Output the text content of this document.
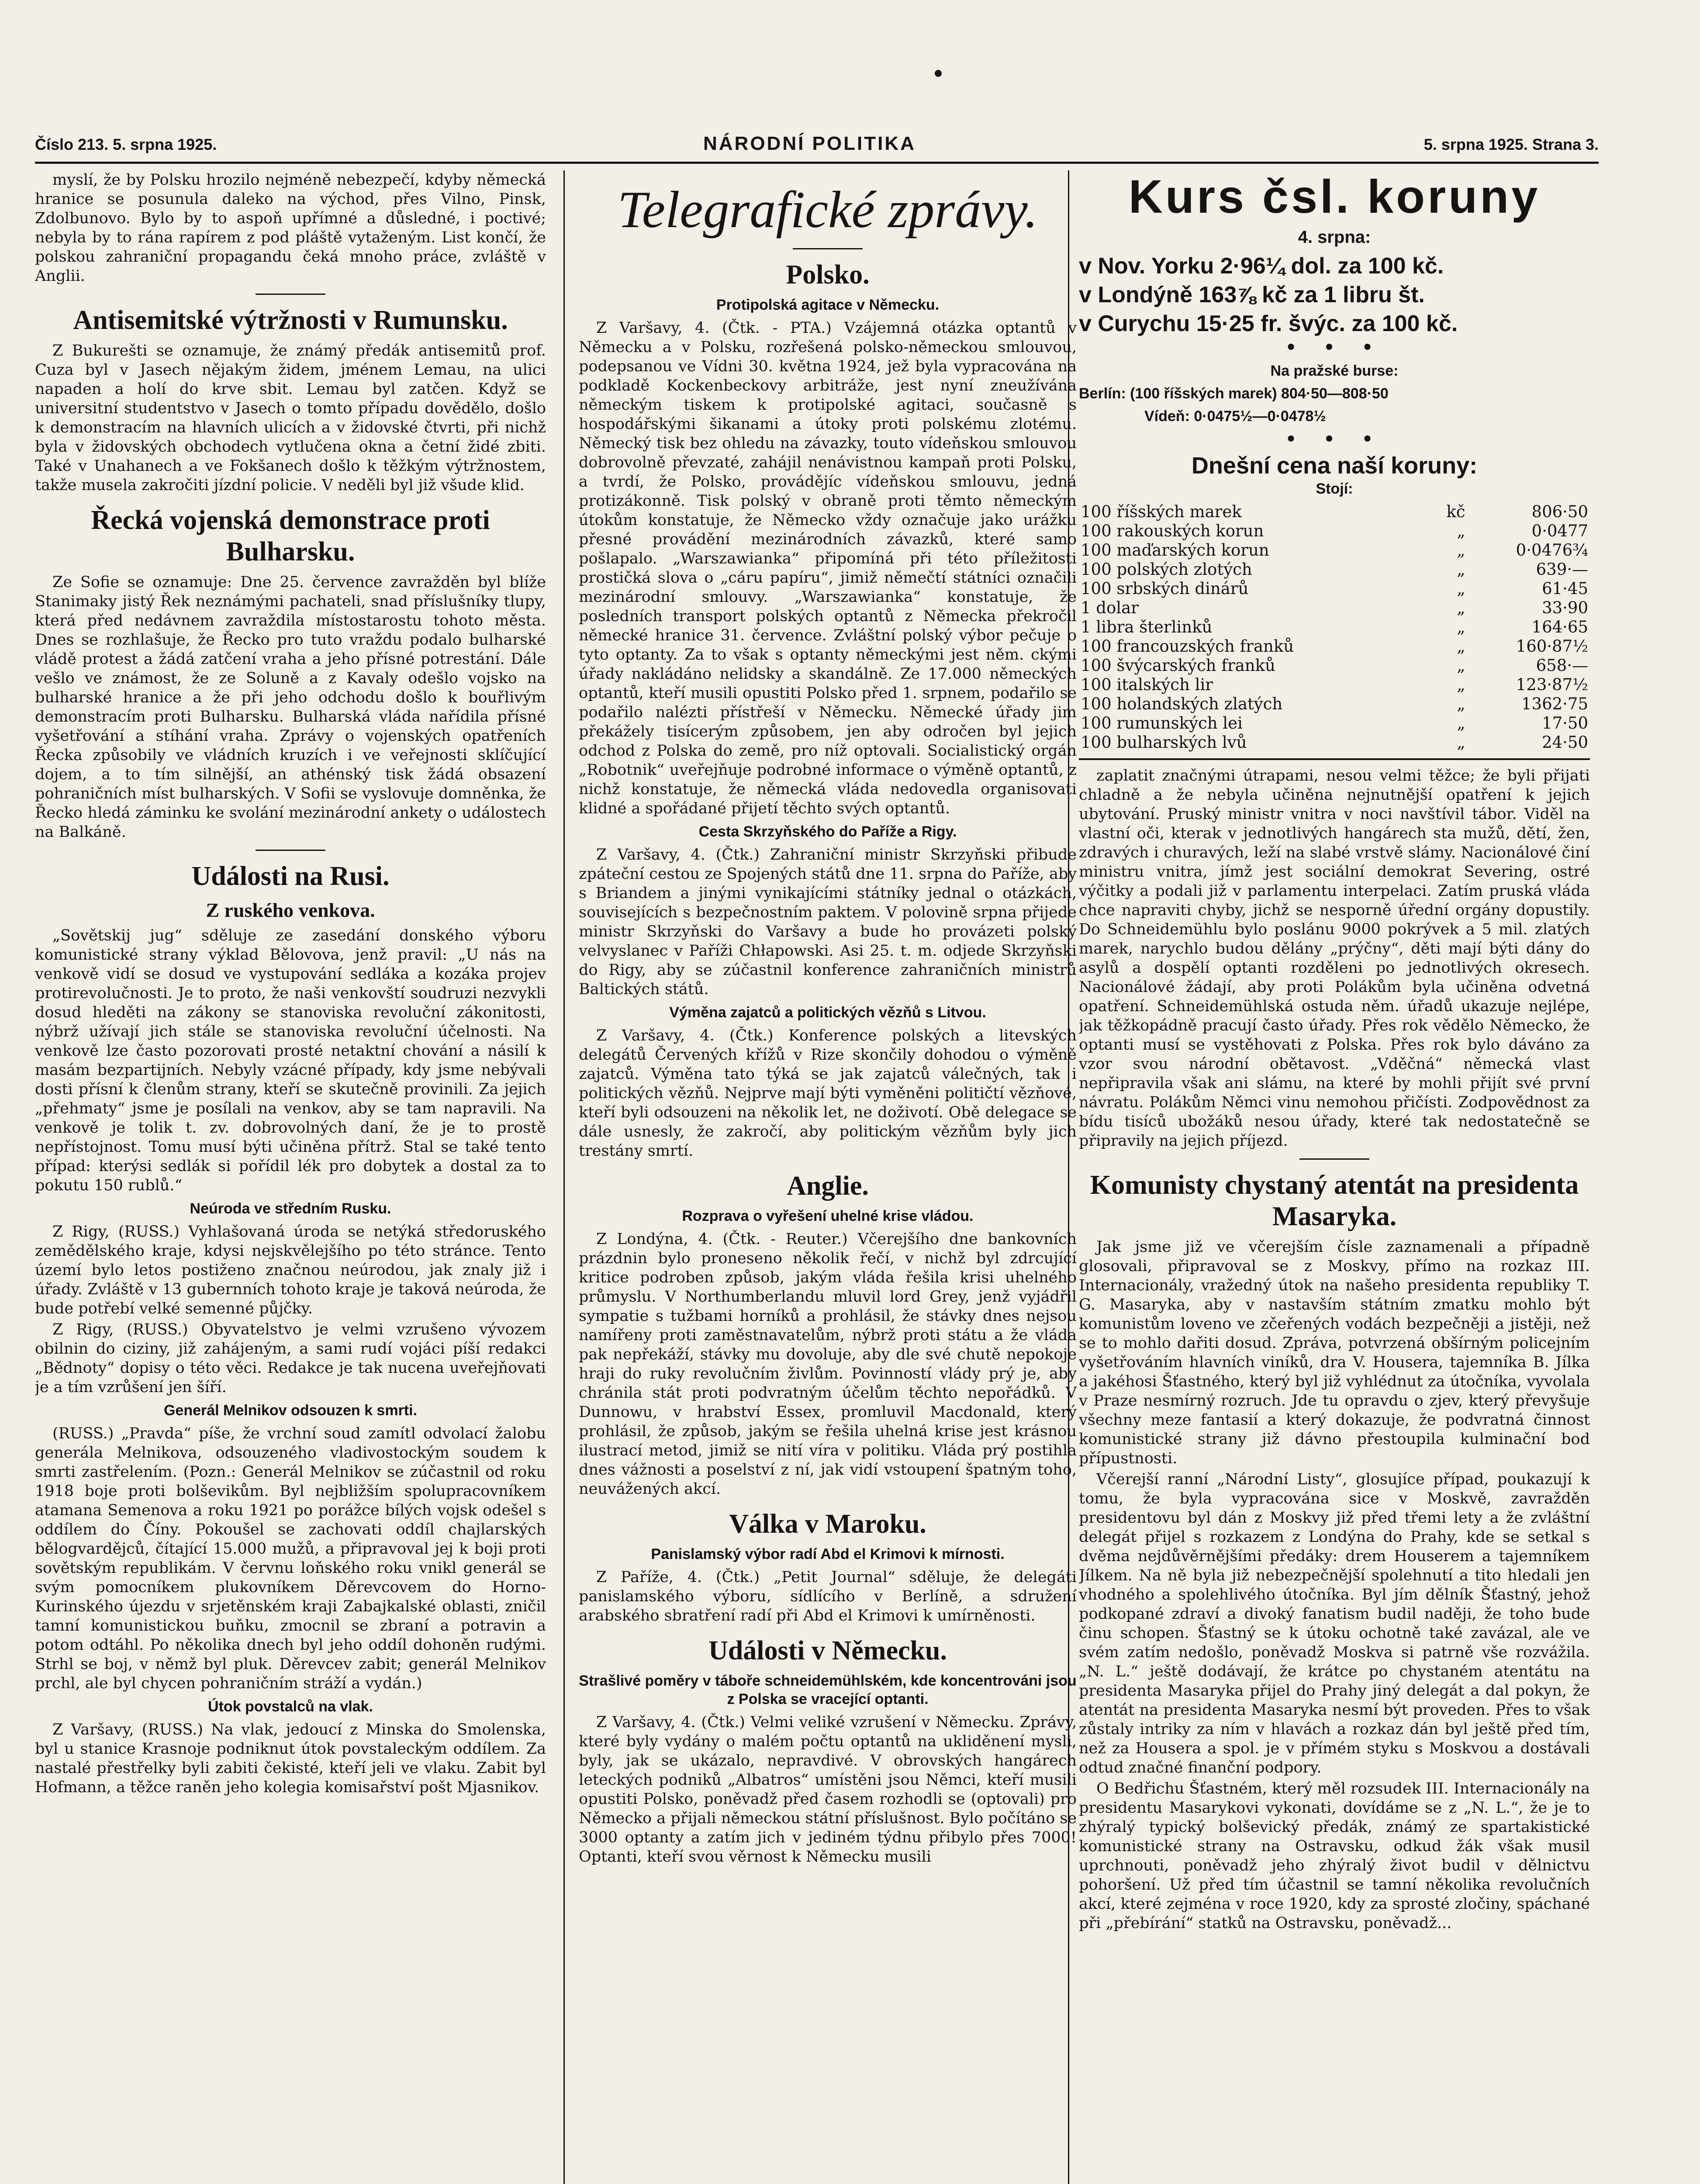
Číslo 213. 5. srpna 1925.	NÁRODNÍ POLITIKA	5. srpna 1925. Strana 3.

myslí, že by Polsku hrozilo nejméně nebezpečí, kdyby německá hranice se posunula daleko na východ, přes Vilno, Pinsk, Zdolbunovo. Bylo by to aspoň upřímné a důsledné, i poctivé; nebyla by to rána rapírem z pod pláště vytaženým. List končí, že polskou zahraniční propagandu čeká mnoho práce, zvláště v Anglii.

Antisemitské výtržnosti v Rumunsku.

Z Bukurešti se oznamuje, že známý předák antisemitů prof. Cuza byl v Jasech nějakým židem, jménem Lemau, na ulici napaden a holí do krve sbit. Lemau byl zatčen. Když se universitní studentstvo v Jasech o tomto případu dovědělo, došlo k demonstracím na hlavních ulicích a v židovské čtvrti, při nichž byla v židovských obchodech vytlučena okna a četní židé zbiti. Také v Unahanech a ve Fokšanech došlo k těžkým výtržnostem, takže musela zakročiti jízdní policie. V neděli byl již všude klid.

Řecká vojenská demonstrace proti Bulharsku.

Ze Sofie se oznamuje: Dne 25. července zavražděn byl blíže Stanimaky jistý Řek neznámými pachateli, snad příslušníky tlupy, která před nedávnem zavraždila místostarostu tohoto města. Dnes se rozhlašuje, že Řecko pro tuto vraždu podalo bulharské vládě protest a žádá zatčení vraha a jeho přísné potrestání. Dále vešlo ve známost, že ze Soluně a z Kavaly odešlo vojsko na bulharské hranice a že při jeho odchodu došlo k bouřlivým demonstracím proti Bulharsku. Bulharská vláda nařídila přísné vyšetřování a stíhání vraha. Zprávy o vojenských opatřeních Řecka způsobily ve vládních kruzích i ve veřejnosti sklíčující dojem, a to tím silnější, an athénský tisk žádá obsazení pohraničních míst bulharských. V Sofii se vyslovuje domněnka, že Řecko hledá záminku ke svolání mezinárodní ankety o událostech na Balkáně.

Události na Rusi.
Z ruského venkova.

„Sovětskij jug“ sděluje ze zasedání donského výboru komunistické strany výklad Bělovova, jenž pravil: „U nás na venkově vidí se dosud ve vystupování sedláka a kozáka projev protirevolučnosti. Je to proto, že naši venkovští soudruzi nezvykli dosud hleděti na zákony se stanoviska revoluční zákonitosti, nýbrž užívají jich stále se stanoviska revoluční účelnosti. Na venkově lze často pozorovati prosté netaktní chování a násilí k masám bezpartijních. Nebyly vzácné případy, kdy jsme nebývali dosti přísní k členům strany, kteří se skutečně provinili. Za jejich „přehmaty“ jsme je posílali na venkov, aby se tam napravili. Na venkově je tolik t. zv. dobrovolných daní, že je to prostě nepřístojnost. Tomu musí býti učiněna přítrž. Stal se také tento případ: kterýsi sedlák si pořídil lék pro dobytek a dostal za to pokutu 150 rublů.“

Neúroda ve středním Rusku.

Z Rigy, (RUSS.) Vyhlašovaná úroda se netýká středoruského zemědělského kraje, kdysi nejskvělejšího po této stránce. Tento území bylo letos postiženo značnou neúrodou, jak znaly již i úřady. Zvláště v 13 gubernních tohoto kraje je taková neúroda, že bude potřebí velké semenné půjčky.

Z Rigy, (RUSS.) Obyvatelstvo je velmi vzrušeno vývozem obilnin do ciziny, již zahájeným, a sami rudí vojáci píší redakci „Bědnoty“ dopisy o této věci. Redakce je tak nucena uveřejňovati je a tím vzrůšení jen šíří.

Generál Melnikov odsouzen k smrti.

(RUSS.) „Pravda“ píše, že vrchní soud zamítl odvolací žalobu generála Melnikova, odsouzeného vladivostockým soudem k smrti zastřelením. (Pozn.: Generál Melnikov se zúčastnil od roku 1918 boje proti bolševikům. Byl nejbližším spolupracovníkem atamana Semenova a roku 1921 po porážce bílých vojsk odešel s oddílem do Číny. Pokoušel se zachovati oddíl chajlarských bělogvardějců, čítající 15.000 mužů, a připravoval jej k boji proti sovětským republikám. V červnu loňského roku vnikl generál se svým pomocníkem plukovníkem Děrevcovem do Horno-Kurinského újezdu v srjetěnském kraji Zabajkalské oblasti, zničil tamní komunistickou buňku, zmocnil se zbraní a potravin a potom odtáhl. Po několika dnech byl jeho oddíl dohoněn rudými. Strhl se boj, v němž byl pluk. Děrevcev zabit; generál Melnikov prchl, ale byl chycen pohraničním stráží a vydán.)

Útok povstalců na vlak.

Z Varšavy, (RUSS.) Na vlak, jedoucí z Minska do Smolenska, byl u stanice Krasnoje podniknut útok povstaleckým oddílem. Za nastalé přestřelky byli zabiti čekisté, kteří jeli ve vlaku. Zabit byl Hofmann, a těžce raněn jeho kolegia komisařství pošt Mjasnikov.

Telegrafické zprávy.
Polsko.
Protipolská agitace v Německu.

Z Varšavy, 4. (Čtk. - PTA.) Vzájemná otázka optantů v Německu a v Polsku, rozřešená polsko-německou smlouvou, podepsanou ve Vídni 30. května 1924, jež byla vypracována na podkladě Kockenbeckovy arbitráže, jest nyní zneužívána německým tiskem k protipolské agitaci, současně s hospodářskými šikanami a útoky proti polskému zlotému. Německý tisk bez ohledu na závazky, touto vídeňskou smlouvou dobrovolně převzaté, zahájil nenávistnou kampaň proti Polsku, a tvrdí, že Polsko, provádějíc vídeňskou smlouvu, jedná protizákonně. Tisk polský v obraně proti těmto německým útokům konstatuje, že Německo vždy označuje jako urážku přesné provádění mezinárodních závazků, které samo pošlapalo. „Warszawianka“ připomíná při této příležitosti prostičká slova o „cáru papíru“, jimiž němečtí státníci označili mezinárodní smlouvy. „Warszawianka“ konstatuje, že posledních transport polských optantů z Německa překročil německé hranice 31. července. Zvláštní polský výbor pečuje o tyto optanty. Za to však s optanty německými jest něm. ckými úřady nakládáno nelidsky a skandálně. Ze 17.000 německých optantů, kteří musili opustiti Polsko před 1. srpnem, podařilo se podařilo nalézti přístřeší v Německu. Německé úřady jim překážely tisícerým způsobem, jen aby odročen byl jejich odchod z Polska do země, pro níž optovali. Socialistický orgán „Robotnik“ uveřejňuje podrobné informace o výměně optantů, z nichž konstatuje, že německá vláda nedovedla organisovati klidné a spořádané přijetí těchto svých optantů.

Cesta Skrzyňského do Paříže a Rigy.

Z Varšavy, 4. (Čtk.) Zahraniční ministr Skrzyňski přibude zpáteční cestou ze Spojených států dne 11. srpna do Paříže, aby s Briandem a jinými vynikajícími státníky jednal o otázkách, souvisejících s bezpečnostním paktem. V polovině srpna přijede ministr Skrzyňski do Varšavy a bude ho provázeti polský velvyslanec v Paříži Chłapowski. Asi 25. t. m. odjede Skrzyňski do Rigy, aby se zúčastnil konference zahraničních ministrů Baltických států.

Výměna zajatců a politických vězňů s Litvou.

Z Varšavy, 4. (Čtk.) Konference polských a litevských delegátů Červených křížů v Rize skončily dohodou o výměně zajatců. Výměna tato týká se jak zajatců válečných, tak i politických vězňů. Nejprve mají býti vyměněni političtí vězňové, kteří byli odsouzeni na několik let, ne doživotí. Obě delegace se dále usnesly, že zakročí, aby politickým vězňům byly jich trestány smrtí.

Anglie.
Rozprava o vyřešení uhelné krise vládou.

Z Londýna, 4. (Čtk. - Reuter.) Včerejšího dne bankovních prázdnin bylo proneseno několik řečí, v nichž byl zdrcující kritice podroben způsob, jakým vláda řešila krisi uhelného průmyslu. V Northumberlandu mluvil lord Grey, jenž vyjádřil sympatie s tužbami horníků a prohlásil, že stávky dnes nejsou namířeny proti zaměstnavatelům, nýbrž proti státu a že vláda pak nepřekáží, stávky mu dovoluje, aby dle své chutě nepokoje hraji do ruky revolučním živlům. Povinností vlády prý je, aby chránila stát proti podvratným účelům těchto nepořádků. V Dunnowu, v hrabství Essex, promluvil Macdonald, který prohlásil, že způsob, jakým se řešila uhelná krise jest krásnou ilustrací metod, jimiž se nití víra v politiku. Vláda prý postihla dnes vážnosti a poselství z ní, jak vidí vstoupení špatným toho, neuvážených akcí.

Válka v Maroku.
Panislamský výbor radí Abd el Krimovi k mírnosti.

Z Paříže, 4. (Čtk.) „Petit Journal“ sděluje, že delegáti panislamského výboru, sídlícího v Berlíně, a sdružení arabského sbratření radí při Abd el Krimovi k umírněnosti.

Události v Německu.
Strašlivé poměry v táboře schneidemühlském, kde koncentrováni jsou z Polska se vracející optanti.

Z Varšavy, 4. (Čtk.) Velmi veliké vzrušení v Německu. Zprávy, které byly vydány o malém počtu optantů na ukliděnení mysli, byly, jak se ukázalo, nepravdivé. V obrovských hangárech leteckých podniků „Albatros“ umístěni jsou Němci, kteří musili opustiti Polsko, poněvadž před časem rozhodli se (optovali) pro Německo a přijali německou státní příslušnost. Bylo počítáno se 3000 optanty a zatím jich v jediném týdnu přibylo přes 7000! Optanti, kteří svou věrnost k Německu musili

Kurs čsl. koruny
4. srpna:
v Nov. Yorku 2·96¼ dol. za 100 kč.
v Londýně 163⅞ kč za 1 libru št.
v Curychu 15·25 fr. švýc. za 100 kč.
• • •
Na pražské burse:
Berlín: (100 říšských marek) 804·50—808·50
Vídeň: 0·0475½—0·0478½
• • •
Dnešní cena naší koruny:
Stojí:
100 říšských marek	kč	806·50
100 rakouských korun	„	0·0477
100 maďarských korun	„	0·0476¾
100 polských zlotých	„	639·—
100 srbských dinárů	„	61·45
1 dolar	„	33·90
1 libra šterlinků	„	164·65
100 francouzských franků	„	160·87½
100 švýcarských franků	„	658·—
100 italských lir	„	123·87½
100 holandských zlatých	„	1362·75
100 rumunských lei	„	17·50
100 bulharských lvů	„	24·50

zaplatit značnými útrapami, nesou velmi těžce; že byli přijati chladně a že nebyla učiněna nejnutnější opatření k jejich ubytování. Pruský ministr vnitra v noci navštívil tábor. Viděl na vlastní oči, kterak v jednotlivých hangárech sta mužů, dětí, žen, zdravých i churavých, leží na slabé vrstvě slámy. Nacionálové činí ministru vnitra, jímž jest sociální demokrat Severing, ostré výčitky a podali již v parlamentu interpelaci. Zatím pruská vláda chce napraviti chyby, jichž se nesporně úřední orgány dopustily. Do Schneidemühlu bylo poslánu 9000 pokrývek a 5 mil. zlatých marek, narychlo budou dělány „prýčny“, děti mají býti dány do asylů a dospělí optanti rozděleni po jednotlivých okresech. Nacionálové žádají, aby proti Polákům byla učiněna odvetná opatření. Schneidemühlská ostuda něm. úřadů ukazuje nejlépe, jak těžkopádně pracují často úřady. Přes rok vědělo Německo, že optanti musí se vystěhovati z Polska. Přes rok bylo dáváno za vzor svou národní obětavost. „Vděčná“ německá vlast nepřipravila však ani slámu, na které by mohli přijít své první návratu. Polákům Němci vinu nemohou přičísti. Zodpovědnost za bídu tisíců ubožáků nesou úřady, které tak nedostatečně se připravily na jejich příjezd.

Komunisty chystaný atentát na presidenta Masaryka.

Jak jsme již ve včerejším čísle zaznamenali a případně glosovali, připravoval se z Moskvy, přímo na rozkaz III. Internacionály, vražedný útok na našeho presidenta republiky T. G. Masaryka, aby v nastavším státním zmatku mohlo být komunistům loveno ve zčeřených vodách bezpečněji a jistěji, než se to mohlo dařiti dosud. Zpráva, potvrzená obšírným policejním vyšetřováním hlavních viníků, dra V. Housera, tajemníka B. Jílka a jakéhosi Šťastného, který byl již vyhlédnut za útočníka, vyvolala v Praze nesmírný rozruch. Jde tu opravdu o zjev, který převyšuje všechny meze fantasií a který dokazuje, že podvratná činnost komunistické strany již dávno přestoupila kulminační bod přípustnosti.

Včerejší ranní „Národní Listy“, glosujíce případ, poukazují k tomu, že byla vypracována sice v Moskvě, zavražděn presidentovu byl dán z Moskvy již před třemi lety a že zvláštní delegát přijel s rozkazem z Londýna do Prahy, kde se setkal s dvěma nejdůvěrnějšími předáky: drem Houserem a tajemníkem Jílkem. Na ně byla již nebezpečnější spolehnutí a tito hledali jen vhodného a spolehlivého útočníka. Byl jím dělník Šťastný, jehož podkopané zdraví a divoký fanatism budil naději, že toho bude činu schopen. Šťastný se k útoku ochotně také zavázal, ale ve svém zatím nedošlo, poněvadž Moskva si patrně vše rozvážila. „N. L.“ ještě dodávají, že krátce po chystaném atentátu na presidenta Masaryka přijel do Prahy jiný delegát a dal pokyn, že atentát na presidenta Masaryka nesmí být proveden. Přes to však zůstaly intriky za ním v hlavách a rozkaz dán byl ještě před tím, než za Housera a spol. je v přímém styku s Moskvou a dostávali odtud značné finanční podpory.

O Bedřichu Šťastném, který měl rozsudek III. Internacionály na presidentu Masarykovi vykonati, dovídáme se z „N. L.“, že je to zhýralý typický bolševický předák, známý ze spartakistické komunistické strany na Ostravsku, odkud žák však musil uprchnouti, poněvadž jeho zhýralý život budil v dělnictvu pohoršení. Už před tím účastnil se tamní několika revolučních akcí, které zejména v roce 1920, kdy za sprosté zločiny, spáchané při „přebírání“ statků na Ostravsku, poněvadž...
